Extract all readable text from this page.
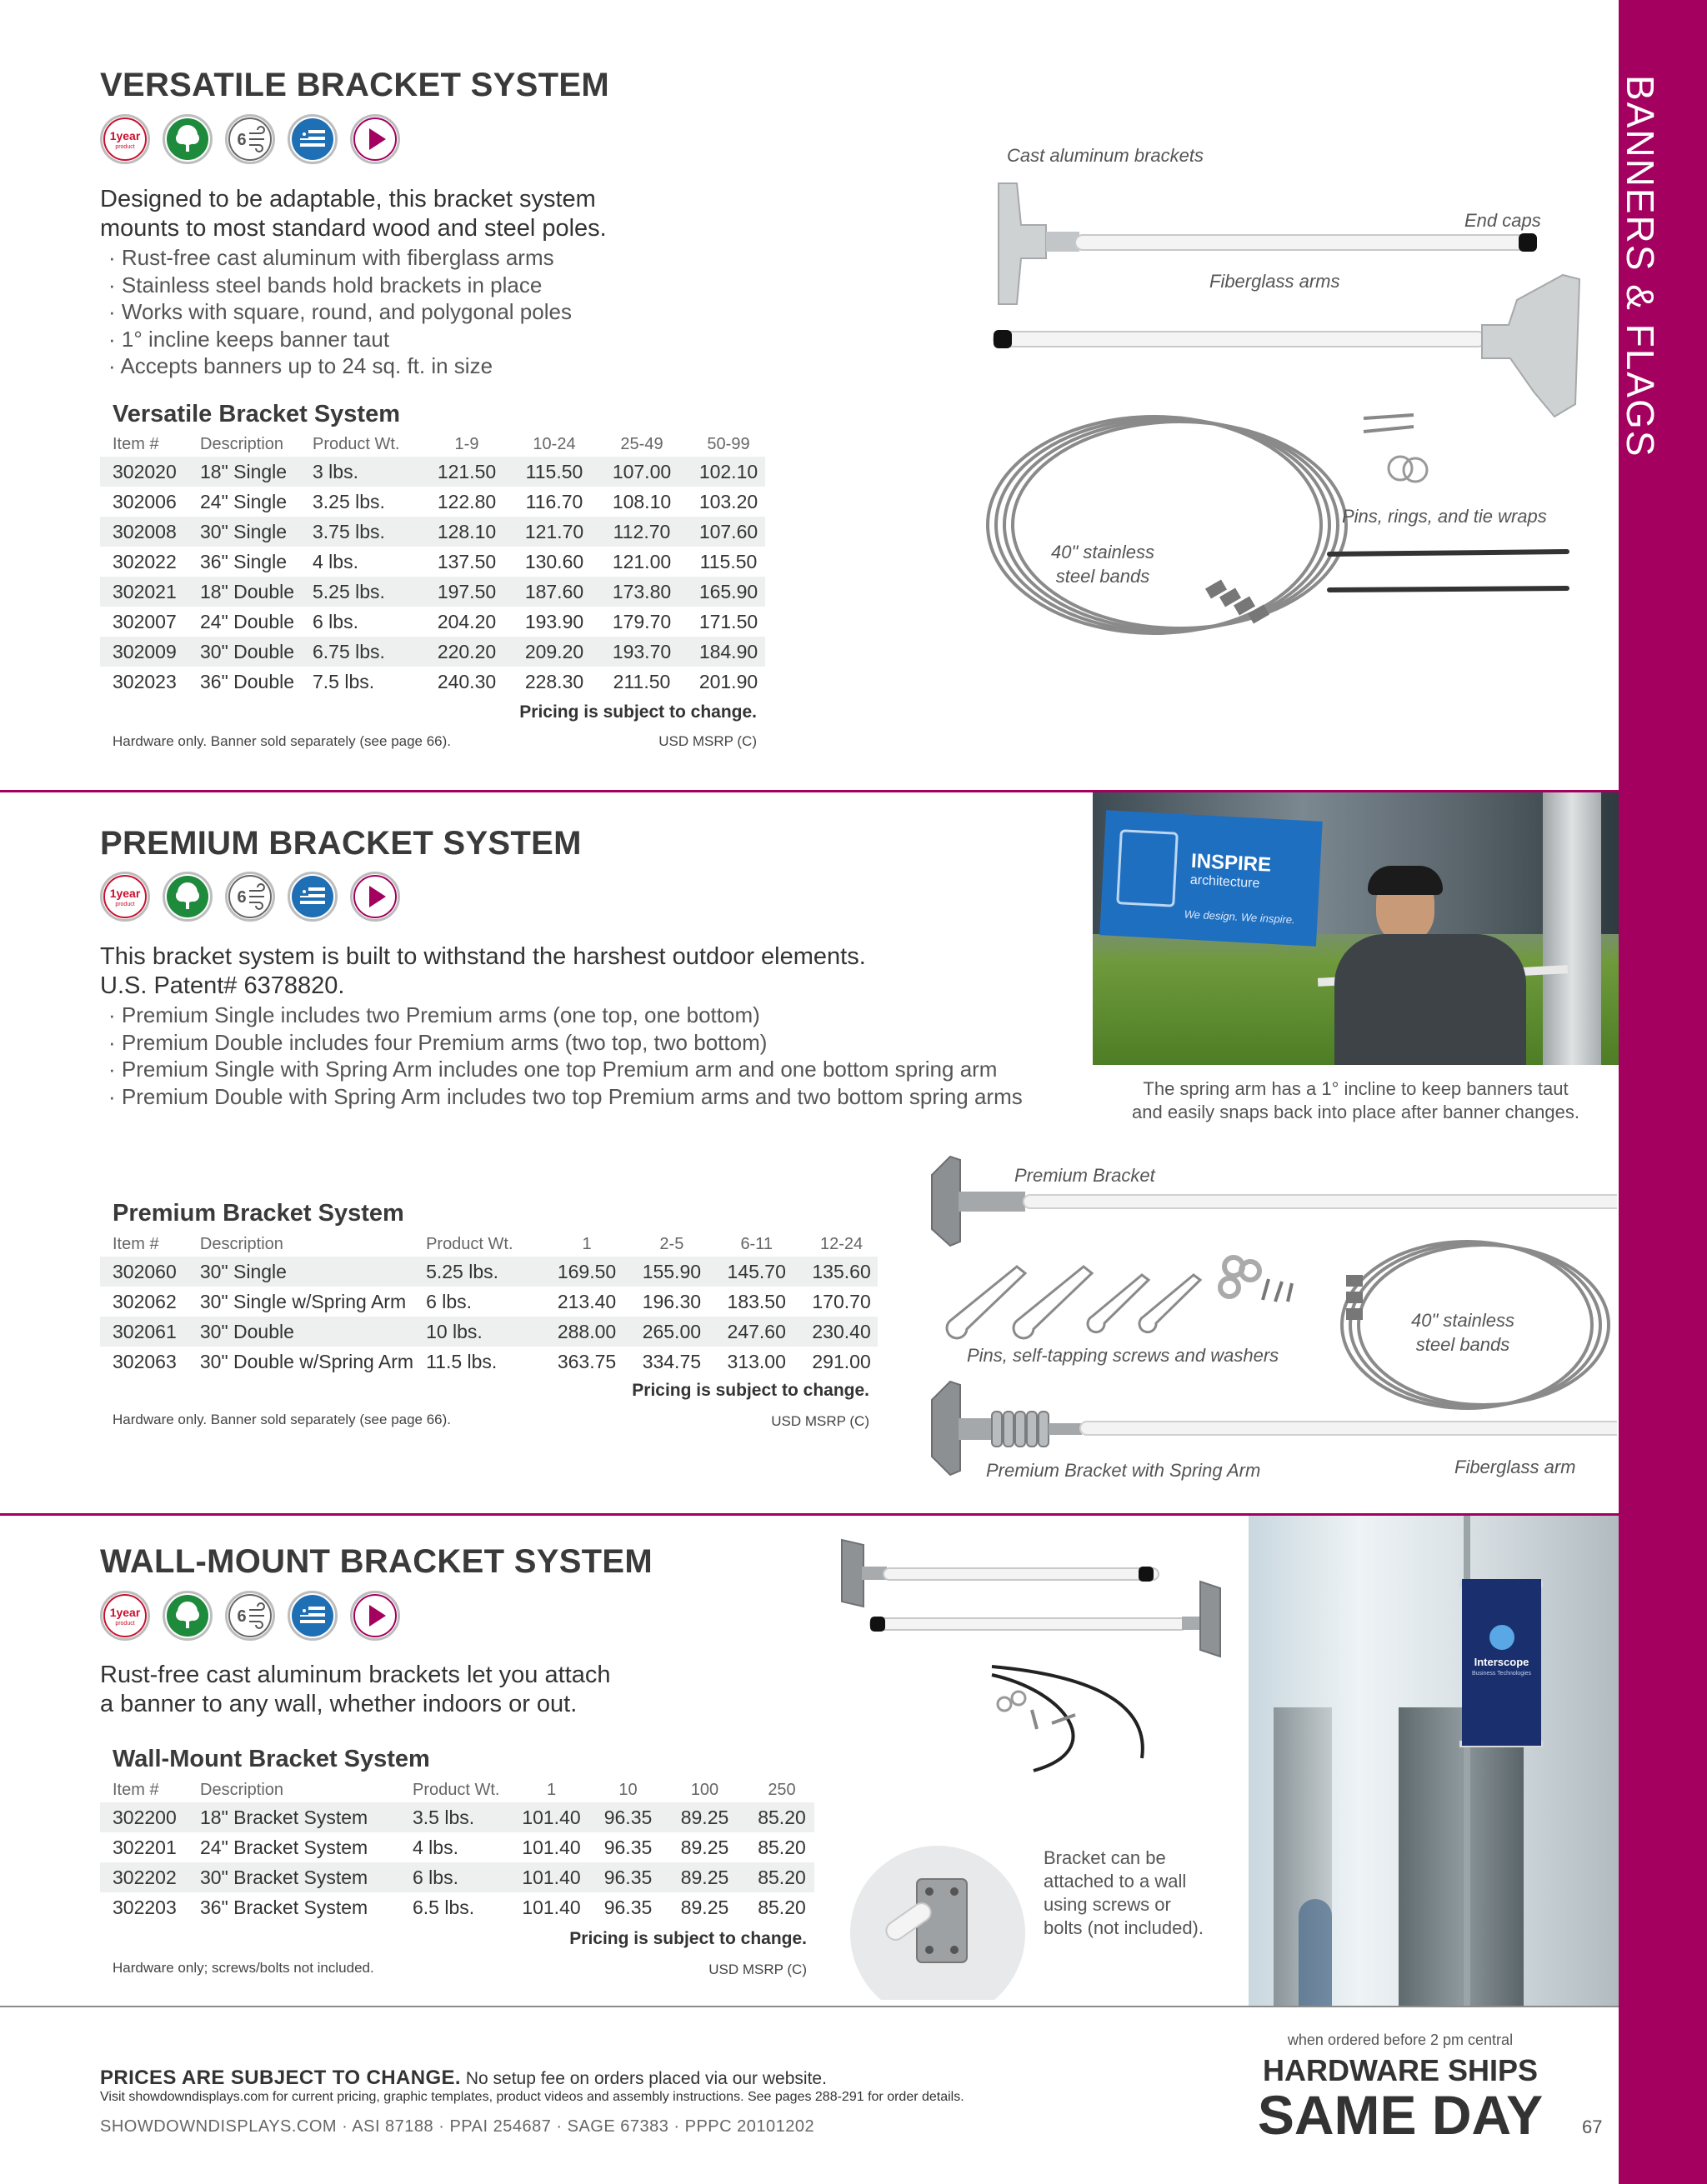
BANNERS & FLAGS
VERSATILE BRACKET SYSTEM
1year
product	6
Designed to be adaptable, this bracket system
mounts to most standard wood and steel poles.
· Rust-free cast aluminum with fiberglass arms
· Stainless steel bands hold brackets in place
· Works with square, round, and polygonal poles
· 1° incline keeps banner taut
· Accepts banners up to 24 sq. ft. in size
Versatile Bracket System
Item #	Description	Product Wt.	1-9	10-24	25-49	50-99
302020	18" Single	3 lbs.	121.50	115.50	107.00	102.10
302006	24" Single	3.25 lbs.	122.80	116.70	108.10	103.20
302008	30" Single	3.75 lbs.	128.10	121.70	112.70	107.60
302022	36" Single	4 lbs.	137.50	130.60	121.00	115.50
302021	18" Double	5.25 lbs.	197.50	187.60	173.80	165.90
302007	24" Double	6 lbs.	204.20	193.90	179.70	171.50
302009	30" Double	6.75 lbs.	220.20	209.20	193.70	184.90
302023	36" Double	7.5 lbs.	240.30	228.30	211.50	201.90
Pricing is subject to change.
Hardware only. Banner sold separately (see page 66).	USD MSRP (C)
Cast aluminum brackets
End caps
Fiberglass arms
Pins, rings, and tie wraps
40" stainless
steel bands
PREMIUM BRACKET SYSTEM
1year
product	6
This bracket system is built to withstand the harshest outdoor elements.
U.S. Patent# 6378820.
· Premium Single includes two Premium arms (one top, one bottom)
· Premium Double includes four Premium arms (two top, two bottom)
· Premium Single with Spring Arm includes one top Premium arm and one bottom spring arm
· Premium Double with Spring Arm includes two top Premium arms and two bottom spring arms
INSPIRE
architecture
We design. We inspire.
The spring arm has a 1° incline to keep banners taut
and easily snaps back into place after banner changes.
Premium Bracket System
Item #	Description	Product Wt.	1	2-5	6-11	12-24
302060	30" Single	5.25 lbs.	169.50	155.90	145.70	135.60
302062	30" Single w/Spring Arm	6 lbs.	213.40	196.30	183.50	170.70
302061	30" Double	10 lbs.	288.00	265.00	247.60	230.40
302063	30" Double w/Spring Arm	11.5 lbs.	363.75	334.75	313.00	291.00
Pricing is subject to change.
Hardware only. Banner sold separately (see page 66).	USD MSRP (C)
Premium Bracket
Pins, self-tapping screws and washers
40" stainless
steel bands
Premium Bracket with Spring Arm	Fiberglass arm
WALL-MOUNT BRACKET SYSTEM
1year
product	6
Rust-free cast aluminum brackets let you attach
a banner to any wall, whether indoors or out.
Wall-Mount Bracket System
Item #	Description	Product Wt.	1	10	100	250
302200	18" Bracket System	3.5 lbs.	101.40	96.35	89.25	85.20
302201	24" Bracket System	4 lbs.	101.40	96.35	89.25	85.20
302202	30" Bracket System	6 lbs.	101.40	96.35	89.25	85.20
302203	36" Bracket System	6.5 lbs.	101.40	96.35	89.25	85.20
Pricing is subject to change.
Hardware only; screws/bolts not included.	USD MSRP (C)
Bracket can be
attached to a wall
using screws or
bolts (not included).
Interscope
Business Technologies
PRICES ARE SUBJECT TO CHANGE. No setup fee on orders placed via our website.
Visit showdowndisplays.com for current pricing, graphic templates, product videos and assembly instructions. See pages 288-291 for order details.
SHOWDOWNDISPLAYS.COM · ASI 87188 · PPAI 254687 · SAGE 67383 · PPPC 20101202
when ordered before 2 pm central
HARDWARE SHIPS
SAME DAY	67
